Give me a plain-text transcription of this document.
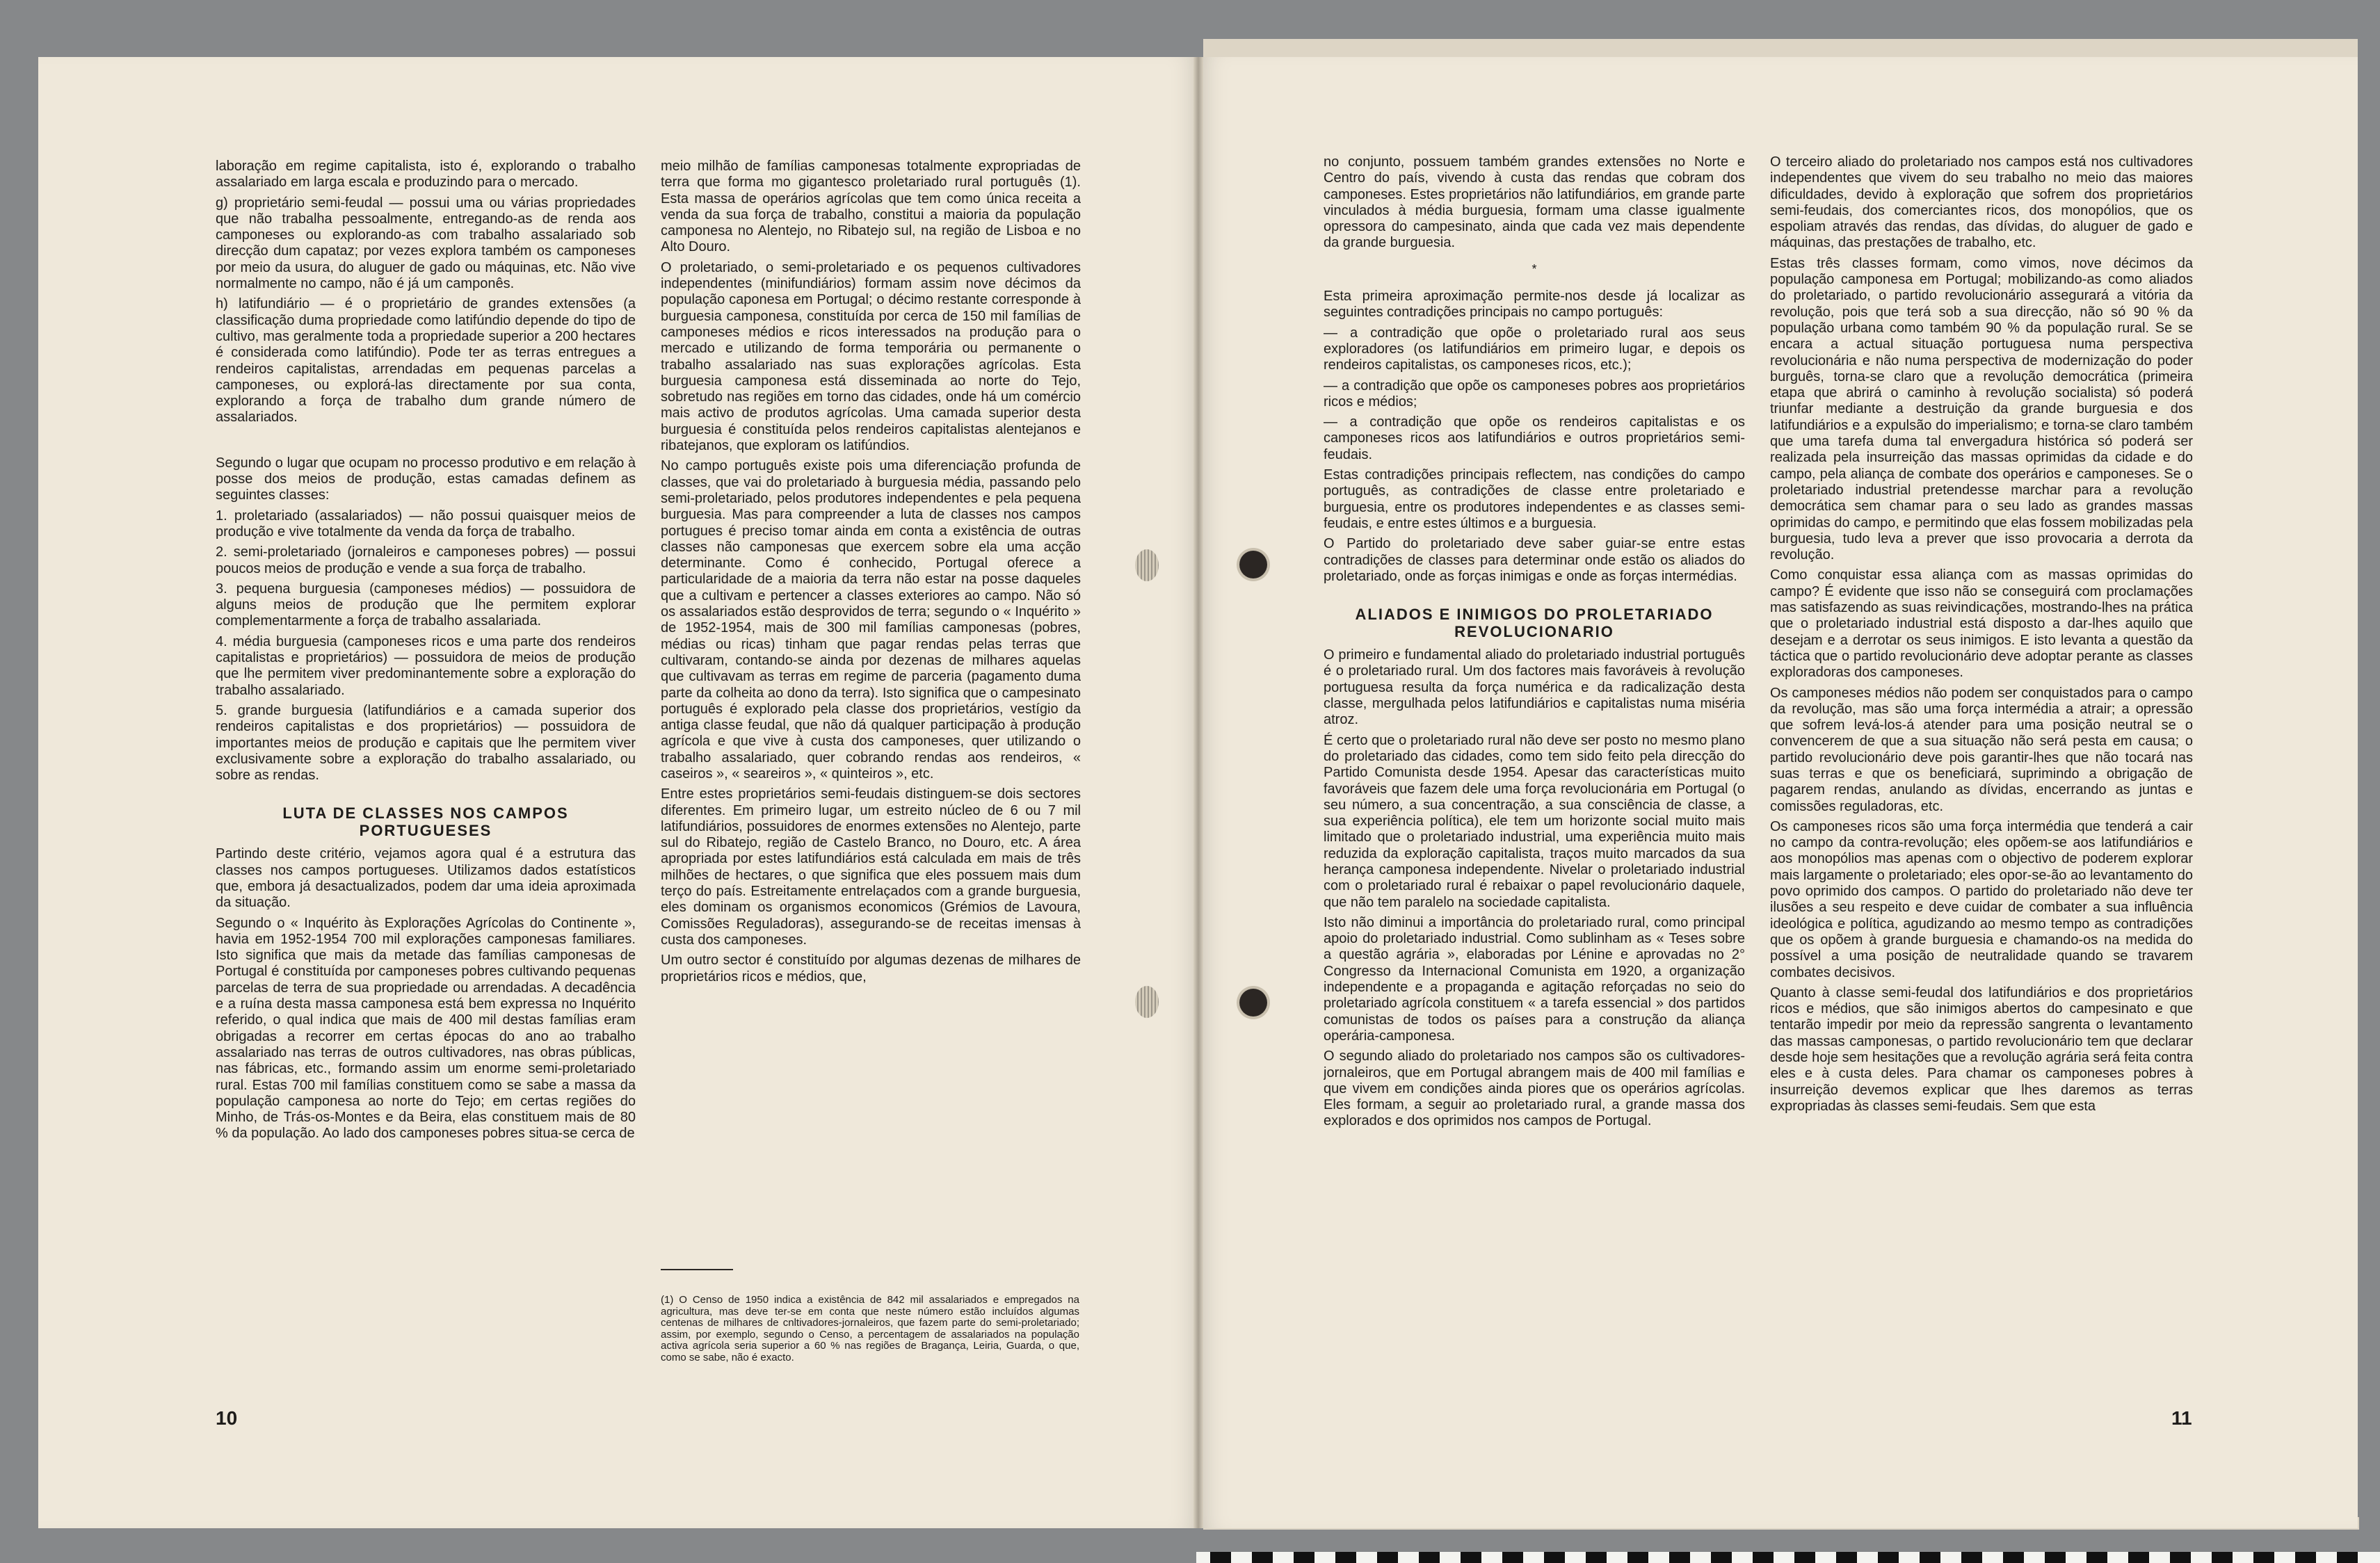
laboração em regime capitalista, isto é, explorando o trabalho assalariado em larga escala e produzindo para o mercado.

g) proprietário semi-feudal — possui uma ou várias propriedades que não trabalha pessoalmente, entregando-as de renda aos camponeses ou explorando-as com trabalho assalariado sob direcção dum capataz; por vezes explora também os camponeses por meio da usura, do aluguer de gado ou máquinas, etc. Não vive normalmente no campo, não é já um camponês.

h) latifundiário — é o proprietário de grandes extensões (a classificação duma propriedade como latifúndio depende do tipo de cultivo, mas geralmente toda a propriedade superior a 200 hectares é considerada como latifúndio). Pode ter as terras entregues a rendeiros capitalistas, arrendadas em pequenas parcelas a camponeses, ou explorá-las directamente por sua conta, explorando a força de trabalho dum grande número de assalariados.

Segundo o lugar que ocupam no processo produtivo e em relação à posse dos meios de produção, estas camadas definem as seguintes classes:

1. proletariado (assalariados) — não possui quaisquer meios de produção e vive totalmente da venda da força de trabalho.

2. semi-proletariado (jornaleiros e camponeses pobres) — possui poucos meios de produção e vende a sua força de trabalho.

3. pequena burguesia (camponeses médios) — possuidora de alguns meios de produção que lhe permitem explorar complementarmente a força de trabalho assalariada.

4. média burguesia (camponeses ricos e uma parte dos rendeiros capitalistas e proprietários) — possuidora de meios de produção que lhe permitem viver predominantemente sobre a exploração do trabalho assalariado.

5. grande burguesia (latifundiários e a camada superior dos rendeiros capitalistas e dos proprietários) — possuidora de importantes meios de produção e capitais que lhe permitem viver exclusivamente sobre a exploração do trabalho assalariado, ou sobre as rendas.

LUTA DE CLASSES NOS CAMPOS PORTUGUESES

Partindo deste critério, vejamos agora qual é a estrutura das classes nos campos portugueses. Utilizamos dados estatísticos que, embora já desactualizados, podem dar uma ideia aproximada da situação.

Segundo o « Inquérito às Explorações Agrícolas do Continente », havia em 1952-1954 700 mil explorações camponesas familiares. Isto significa que mais da metade das famílias camponesas de Portugal é constituída por camponeses pobres cultivando pequenas parcelas de terra de sua propriedade ou arrendadas. A decadência e a ruína desta massa camponesa está bem expressa no Inquérito referido, o qual indica que mais de 400 mil destas famílias eram obrigadas a recorrer em certas épocas do ano ao trabalho assalariado nas terras de outros cultivadores, nas obras públicas, nas fábricas, etc., formando assim um enorme semi-proletariado rural. Estas 700 mil famílias constituem como se sabe a massa da população camponesa ao norte do Tejo; em certas regiões do Minho, de Trás-os-Montes e da Beira, elas constituem mais de 80 % da população. Ao lado dos camponeses pobres situa-se cerca de

meio milhão de famílias camponesas totalmente expropriadas de terra que forma mo gigantesco proletariado rural português (1). Esta massa de operários agrícolas que tem como única receita a venda da sua força de trabalho, constitui a maioria da população camponesa no Alentejo, no Ribatejo sul, na região de Lisboa e no Alto Douro.

O proletariado, o semi-proletariado e os pequenos cultivadores independentes (minifundiários) formam assim nove décimos da população caponesa em Portugal; o décimo restante corresponde à burguesia camponesa, constituída por cerca de 150 mil famílias de camponeses médios e ricos interessados na produção para o mercado e utilizando de forma temporária ou permanente o trabalho assalariado nas suas explorações agrícolas. Esta burguesia camponesa está disseminada ao norte do Tejo, sobretudo nas regiões em torno das cidades, onde há um comércio mais activo de produtos agrícolas. Uma camada superior desta burguesia é constituída pelos rendeiros capitalistas alentejanos e ribatejanos, que exploram os latifúndios.

No campo português existe pois uma diferenciação profunda de classes, que vai do proletariado à burguesia média, passando pelo semi-proletariado, pelos produtores independentes e pela pequena burguesia. Mas para compreender a luta de classes nos campos portugues é preciso tomar ainda em conta a existência de outras classes não camponesas que exercem sobre ela uma acção determinante. Como é conhecido, Portugal oferece a particularidade de a maioria da terra não estar na posse daqueles que a cultivam e pertencer a classes exteriores ao campo. Não só os assalariados estão desprovidos de terra; segundo o « Inquérito » de 1952-1954, mais de 300 mil famílias camponesas (pobres, médias ou ricas) tinham que pagar rendas pelas terras que cultivaram, contando-se ainda por dezenas de milhares aquelas que cultivavam as terras em regime de parceria (pagamento duma parte da colheita ao dono da terra). Isto significa que o campesinato português é explorado pela classe dos proprietários, vestígio da antiga classe feudal, que não dá qualquer participação à produção agrícola e que vive à custa dos camponeses, quer utilizando o trabalho assalariado, quer cobrando rendas aos rendeiros, « caseiros », « seareiros », « quinteiros », etc.

Entre estes proprietários semi-feudais distinguem-se dois sectores diferentes. Em primeiro lugar, um estreito núcleo de 6 ou 7 mil latifundiários, possuidores de enormes extensões no Alentejo, parte sul do Ribatejo, região de Castelo Branco, no Douro, etc. A área apropriada por estes latifundiários está calculada em mais de três milhões de hectares, o que significa que eles possuem mais dum terço do país. Estreitamente entrelaçados com a grande burguesia, eles dominam os organismos economicos (Grémios de Lavoura, Comissões Reguladoras), assegurando-se de receitas imensas à custa dos camponeses.

Um outro sector é constituído por algumas dezenas de milhares de proprietários ricos e médios, que,

(1) O Censo de 1950 indica a existência de 842 mil assalariados e empregados na agricultura, mas deve ter-se em conta que neste número estão incluídos algumas centenas de milhares de cnltivadores-jornaleiros, que fazem parte do semi-proletariado; assim, por exemplo, segundo o Censo, a percentagem de assalariados na população activa agrícola seria superior a 60 % nas regiões de Bragança, Leiria, Guarda, o que, como se sabe, não é exacto.
10

no conjunto, possuem também grandes extensões no Norte e Centro do país, vivendo à custa das rendas que cobram dos camponeses. Estes proprietários não latifundiários, em grande parte vinculados à média burguesia, formam uma classe igualmente opressora do campesinato, ainda que cada vez mais dependente da grande burguesia.

*

Esta primeira aproximação permite-nos desde já localizar as seguintes contradições principais no campo português:

— a contradição que opõe o proletariado rural aos seus exploradores (os latifundiários em primeiro lugar, e depois os rendeiros capitalistas, os camponeses ricos, etc.);

— a contradição que opõe os camponeses pobres aos proprietários ricos e médios;

— a contradição que opõe os rendeiros capitalistas e os camponeses ricos aos latifundiários e outros proprietários semi-feudais.

Estas contradições principais reflectem, nas condições do campo português, as contradições de classe entre proletariado e burguesia, entre os produtores independentes e as classes semi-feudais, e entre estes últimos e a burguesia.

O Partido do proletariado deve saber guiar-se entre estas contradições de classes para determinar onde estão os aliados do proletariado, onde as forças inimigas e onde as forças intermédias.

ALIADOS E INIMIGOS DO PROLETARIADO REVOLUCIONARIO

O primeiro e fundamental aliado do proletariado industrial português é o proletariado rural. Um dos factores mais favoráveis à revolução portuguesa resulta da força numérica e da radicalização desta classe, mergulhada pelos latifundiários e capitalistas numa miséria atroz.

É certo que o proletariado rural não deve ser posto no mesmo plano do proletariado das cidades, como tem sido feito pela direcção do Partido Comunista desde 1954. Apesar das características muito favoráveis que fazem dele uma força revolucionária em Portugal (o seu número, a sua concentração, a sua consciência de classe, a sua experiência política), ele tem um horizonte social muito mais limitado que o proletariado industrial, uma experiência muito mais reduzida da exploração capitalista, traços muito marcados da sua herança camponesa independente. Nivelar o proletariado industrial com o proletariado rural é rebaixar o papel revolucionário daquele, que não tem paralelo na sociedade capitalista.

Isto não diminui a importância do proletariado rural, como principal apoio do proletariado industrial. Como sublinham as « Teses sobre a questão agrária », elaboradas por Lénine e aprovadas no 2° Congresso da Internacional Comunista em 1920, a organização independente e a propaganda e agitação reforçadas no seio do proletariado agrícola constituem « a tarefa essencial » dos partidos comunistas de todos os países para a construção da aliança operária-camponesa.

O segundo aliado do proletariado nos campos são os cultivadores-jornaleiros, que em Portugal abrangem mais de 400 mil famílias e que vivem em condições ainda piores que os operários agrícolas. Eles formam, a seguir ao proletariado rural, a grande massa dos explorados e dos oprimidos nos campos de Portugal.

O terceiro aliado do proletariado nos campos está nos cultivadores independentes que vivem do seu trabalho no meio das maiores dificuldades, devido à exploração que sofrem dos proprietários semi-feudais, dos comerciantes ricos, dos monopólios, que os espoliam através das rendas, das dívidas, do aluguer de gado e máquinas, das prestações de trabalho, etc.

Estas três classes formam, como vimos, nove décimos da população camponesa em Portugal; mobilizando-as como aliados do proletariado, o partido revolucionário assegurará a vitória da revolução, pois que terá sob a sua direcção, não só 90 % da população urbana como também 90 % da população rural. Se se encara a actual situação portuguesa numa perspectiva revolucionária e não numa perspectiva de modernização do poder burguês, torna-se claro que a revolução democrática (primeira etapa que abrirá o caminho à revolução socialista) só poderá triunfar mediante a destruição da grande burguesia e dos latifundiários e a expulsão do imperialismo; e torna-se claro também que uma tarefa duma tal envergadura histórica só poderá ser realizada pela insurreição das massas oprimidas da cidade e do campo, pela aliança de combate dos operários e camponeses. Se o proletariado industrial pretendesse marchar para a revolução democrática sem chamar para o seu lado as grandes massas oprimidas do campo, e permitindo que elas fossem mobilizadas pela burguesia, tudo leva a prever que isso provocaria a derrota da revolução.

Como conquistar essa aliança com as massas oprimidas do campo? É evidente que isso não se conseguirá com proclamações mas satisfazendo as suas reivindicações, mostrando-lhes na prática que o proletariado industrial está disposto a dar-lhes aquilo que desejam e a derrotar os seus inimigos. E isto levanta a questão da táctica que o partido revolucionário deve adoptar perante as classes exploradoras dos camponeses.

Os camponeses médios não podem ser conquistados para o campo da revolução, mas são uma força intermédia a atrair; a opressão que sofrem levá-los-á atender para uma posição neutral se o convencerem de que a sua situação não será pesta em causa; o partido revolucionário deve pois garantir-lhes que não tocará nas suas terras e que os beneficiará, suprimindo a obrigação de pagarem rendas, anulando as dívidas, encerrando as juntas e comissões reguladoras, etc.

Os camponeses ricos são uma força intermédia que tenderá a cair no campo da contra-revolução; eles opõem-se aos latifundiários e aos monopólios mas apenas com o objectivo de poderem explorar mais largamente o proletariado; eles opor-se-ão ao levantamento do povo oprimido dos campos. O partido do proletariado não deve ter ilusões a seu respeito e deve cuidar de combater a sua influência ideológica e política, agudizando ao mesmo tempo as contradições que os opõem à grande burguesia e chamando-os na medida do possível a uma posição de neutralidade quando se travarem combates decisivos.

Quanto à classe semi-feudal dos latifundiários e dos proprietários ricos e médios, que são inimigos abertos do campesinato e que tentarão impedir por meio da repressão sangrenta o levantamento das massas camponesas, o partido revolucionário tem que declarar desde hoje sem hesitações que a revolução agrária será feita contra eles e à custa deles. Para chamar os camponeses pobres à insurreição devemos explicar que lhes daremos as terras expropriadas às classes semi-feudais. Sem que esta

11
